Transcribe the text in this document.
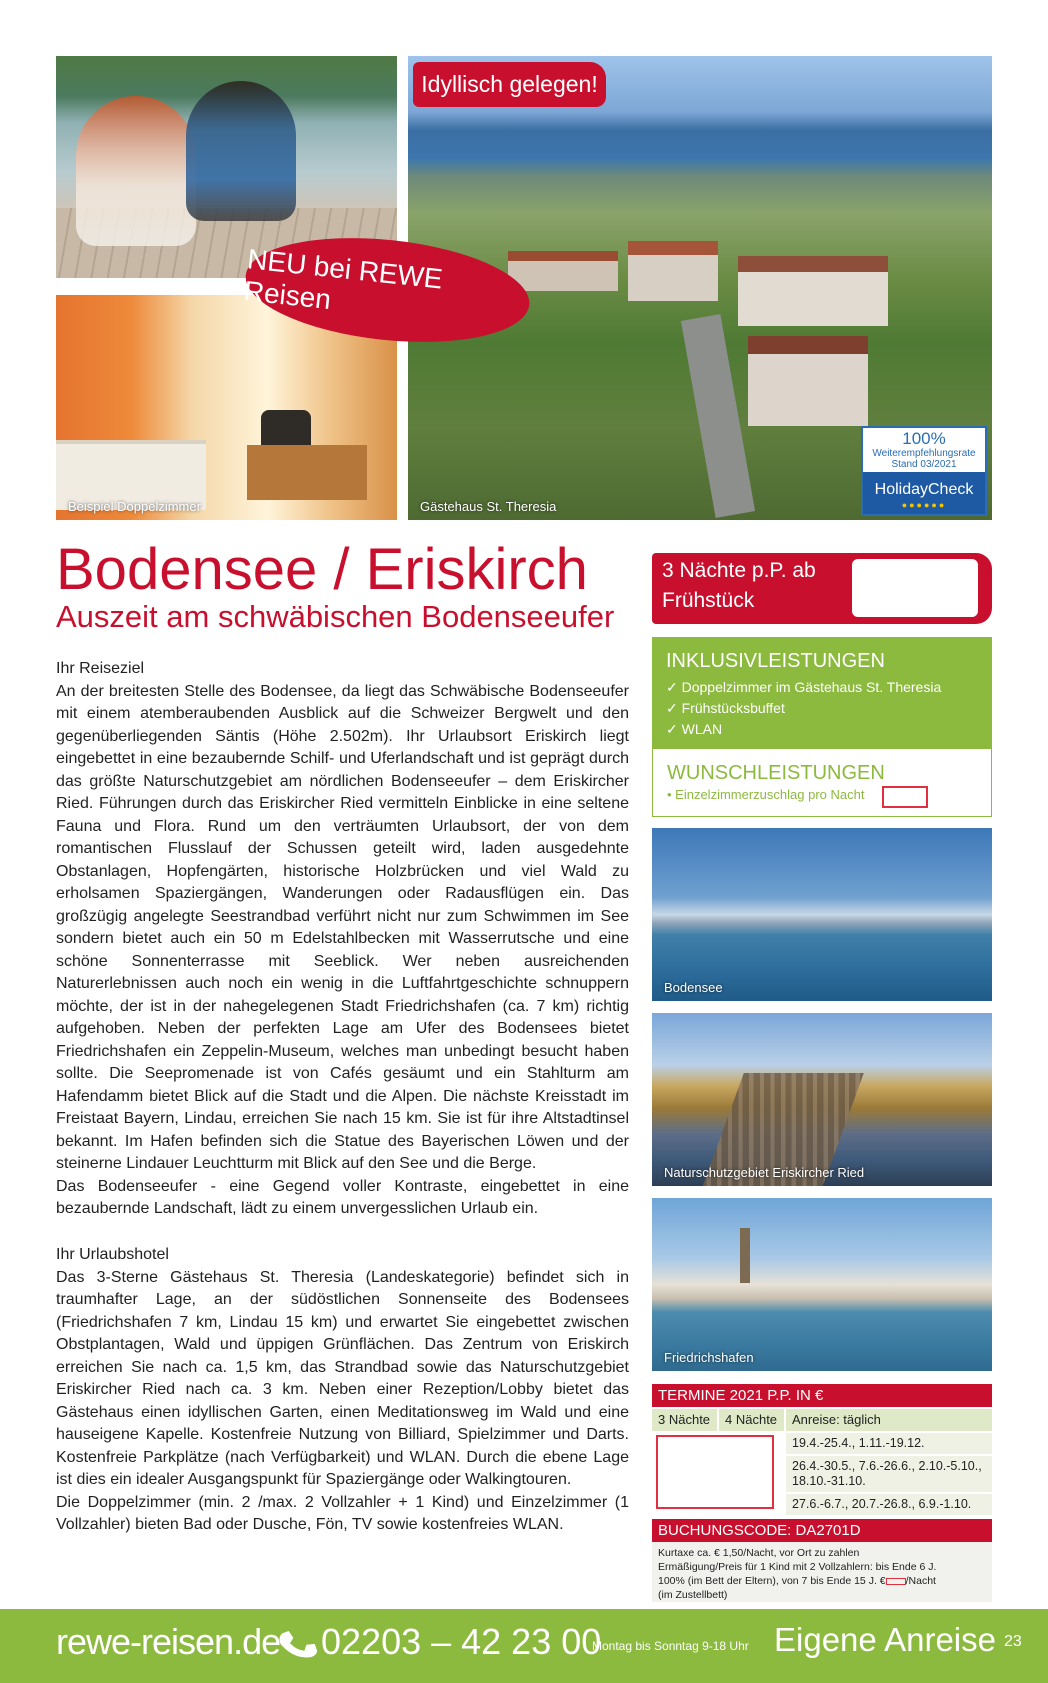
Beispiel Doppelzimmer	Gästehaus St. Theresia
Idyllisch gelegen!
NEU bei REWE Reisen
100%
Weiterempfehlungsrate
Stand 03/2021
HolidayCheck
●●●●●●
Bodensee / Eriskirch
Auszeit am schwäbischen Bodenseeufer
Ihr Reiseziel
An der breitesten Stelle des Bodensee, da liegt das Schwäbische Bodenseeufer mit einem atemberaubenden Ausblick auf die Schweizer Bergwelt und den gegenüberliegenden Säntis (Höhe 2.502m). Ihr Urlaubsort Eriskirch liegt eingebettet in eine bezaubernde Schilf- und Uferlandschaft und ist geprägt durch das größte Naturschutzgebiet am nördlichen Bodenseeufer – dem Eriskircher Ried. Führungen durch das Eriskircher Ried vermitteln Einblicke in eine seltene Fauna und Flora. Rund um den verträumten Urlaubsort, der von dem romantischen Flusslauf der Schussen geteilt wird, laden ausgedehnte Obstanlagen, Hopfengärten, historische Holzbrücken und viel Wald zu erholsamen Spaziergängen, Wanderungen oder Radausflügen ein. Das großzügig angelegte Seestrandbad verführt nicht nur zum Schwimmen im See sondern bietet auch ein 50 m Edelstahlbecken mit Wasserrutsche und eine schöne Sonnenterrasse mit Seeblick. Wer neben ausreichenden Naturerlebnissen auch noch ein wenig in die Luftfahrtgeschichte schnuppern möchte, der ist in der nahegelegenen Stadt Friedrichshafen (ca. 7 km) richtig aufgehoben. Neben der perfekten Lage am Ufer des Bodensees bietet Friedrichshafen ein Zeppelin-Museum, welches man unbedingt besucht haben sollte. Die Seepromenade ist von Cafés gesäumt und ein Stahlturm am Hafendamm bietet Blick auf die Stadt und die Alpen. Die nächste Kreisstadt im Freistaat Bayern, Lindau, erreichen Sie nach 15 km. Sie ist für ihre Altstadtinsel bekannt. Im Hafen befinden sich die Statue des Bayerischen Löwen und der steinerne Lindauer Leuchtturm mit Blick auf den See und die Berge.
Das Bodenseeufer - eine Gegend voller Kontraste, eingebettet in eine bezaubernde Landschaft, lädt zu einem unvergesslichen Urlaub ein.
Ihr Urlaubshotel
Das 3-Sterne Gästehaus St. Theresia (Landeskategorie) befindet sich in traumhafter Lage, an der südöstlichen Sonnenseite des Bodensees (Friedrichshafen 7 km, Lindau 15 km) und erwartet Sie eingebettet zwischen Obstplantagen, Wald und üppigen Grünflächen. Das Zentrum von Eriskirch erreichen Sie nach ca. 1,5 km, das Strandbad sowie das Naturschutzgebiet Eriskircher Ried nach ca. 3 km. Neben einer Rezeption/Lobby bietet das Gästehaus einen idyllischen Garten, einen Meditationsweg im Wald und eine hauseigene Kapelle. Kostenfreie Nutzung von Billiard, Spielzimmer und Darts. Kostenfreie Parkplätze (nach Verfügbarkeit) und WLAN. Durch die ebene Lage ist dies ein idealer Ausgangspunkt für Spaziergänge oder Walkingtouren.
Die Doppelzimmer (min. 2 /max. 2 Vollzahler + 1 Kind) und Einzelzimmer (1 Vollzahler) bieten Bad oder Dusche, Fön, TV sowie kostenfreies WLAN.
3 Nächte p.P. ab
Frühstück
INKLUSIVLEISTUNGEN
✓ Doppelzimmer im Gästehaus St. Theresia
✓ Frühstücksbuffet
✓ WLAN
WUNSCHLEISTUNGEN
• Einzelzimmerzuschlag pro Nacht
Bodensee
Naturschutzgebiet Eriskircher Ried
Friedrichshafen
TERMINE 2021 P.P. IN €
3 Nächte	4 Nächte	Anreise: täglich
19.4.-25.4., 1.11.-19.12.
26.4.-30.5., 7.6.-26.6., 2.10.-5.10., 18.10.-31.10.
27.6.-6.7., 20.7.-26.8., 6.9.-1.10.
BUCHUNGSCODE: DA2701D
Kurtaxe ca. € 1,50/Nacht, vor Ort zu zahlen
Ermäßigung/Preis für 1 Kind mit 2 Vollzahlern: bis Ende 6 J.
100% (im Bett der Eltern), von 7 bis Ende 15 J. € /Nacht
(im Zustellbett)
rewe-reisen.de 02203 – 42 23 00
Montag bis Sonntag 9-18 Uhr Eigene Anreise 23
